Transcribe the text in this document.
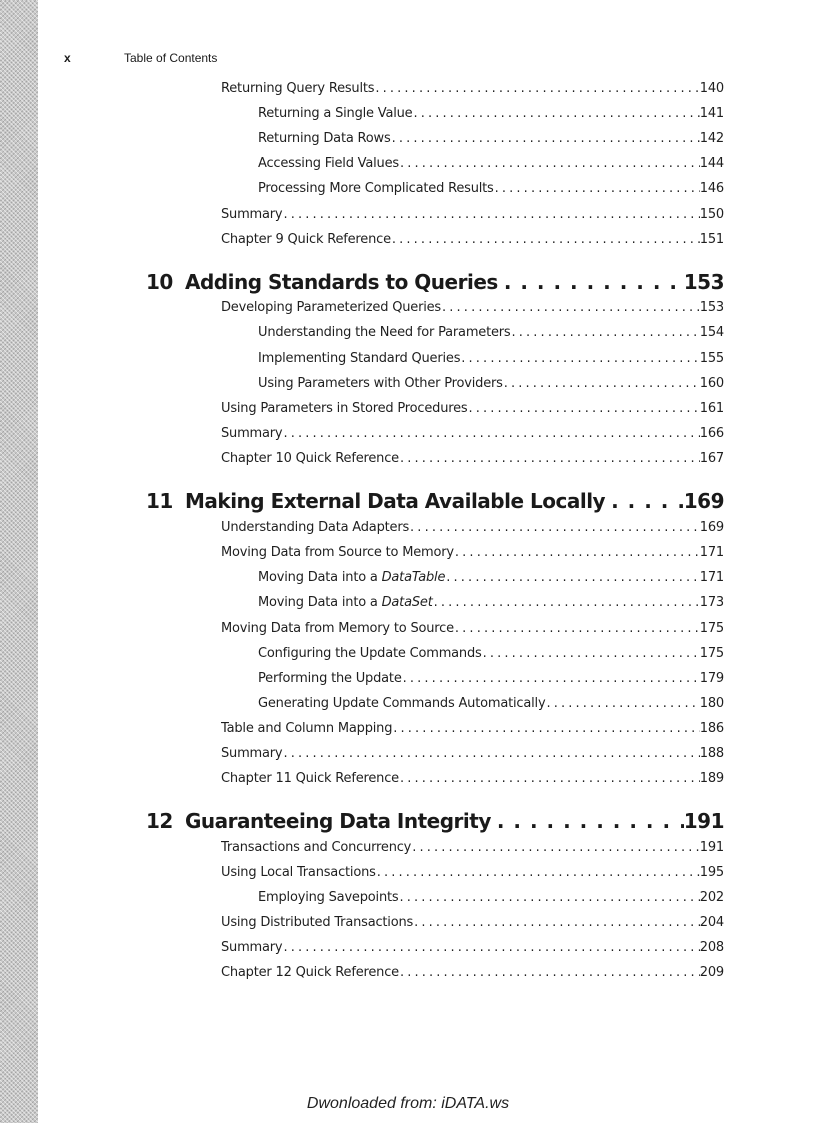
x	Table of Contents
Returning Query Results . . .	140
Returning a Single Value . . .	141
Returning Data Rows . . .	142
Accessing Field Values . . .	144
Processing More Complicated Results . . .	146
Summary . . .	150
Chapter 9 Quick Reference . . .	151
10 Adding Standards to Queries . . .	153
Developing Parameterized Queries . . .	153
Understanding the Need for Parameters . . .	154
Implementing Standard Queries . . .	155
Using Parameters with Other Providers . . .	160
Using Parameters in Stored Procedures . . .	161
Summary . . .	166
Chapter 10 Quick Reference . . .	167
11 Making External Data Available Locally . . .	169
Understanding Data Adapters . . .	169
Moving Data from Source to Memory . . .	171
Moving Data into a DataTable . . .	171
Moving Data into a DataSet . . .	173
Moving Data from Memory to Source . . .	175
Configuring the Update Commands . . .	175
Performing the Update . . .	179
Generating Update Commands Automatically . . .	180
Table and Column Mapping . . .	186
Summary . . .	188
Chapter 11 Quick Reference . . .	189
12 Guaranteeing Data Integrity . . .	191
Transactions and Concurrency . . .	191
Using Local Transactions . . .	195
Employing Savepoints . . .	202
Using Distributed Transactions . . .	204
Summary . . .	208
Chapter 12 Quick Reference . . .	209
Dwonloaded from: iDATA.ws
